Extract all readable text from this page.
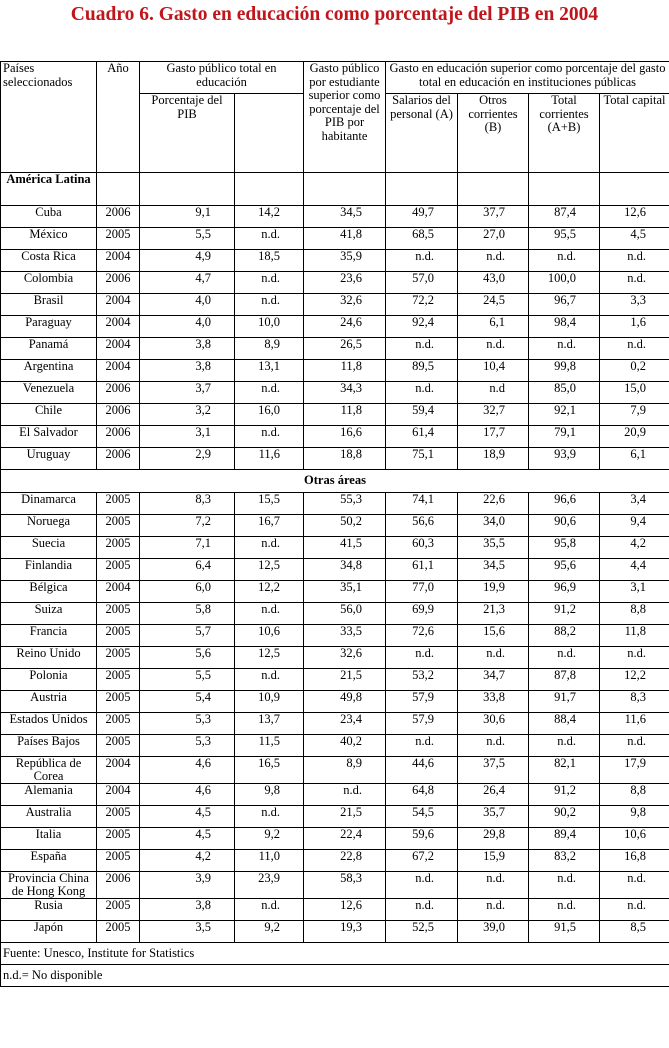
Cuadro 6. Gasto en educación como porcentaje del PIB en 2004
Países seleccionados	Año	Gasto público total en educación		Gasto público por estudiante superior como porcentaje del PIB por habitante	Gasto en educación superior como porcentaje del gasto total en educación en instituciones públicas			
		Porcentaje del PIB			Salarios del personal (A)	Otros corrientes (B)	Total corrientes (A+B)	Total capital
América Latina								
Cuba	2006	9,1	14,2	34,5	49,7	37,7	87,4	12,6
México	2005	5,5	n.d.	41,8	68,5	27,0	95,5	4,5
Costa Rica	2004	4,9	18,5	35,9	n.d.	n.d.	n.d.	n.d.
Colombia	2006	4,7	n.d.	23,6	57,0	43,0	100,0	n.d.
Brasil	2004	4,0	n.d.	32,6	72,2	24,5	96,7	3,3
Paraguay	2004	4,0	10,0	24,6	92,4	6,1	98,4	1,6
Panamá	2004	3,8	8,9	26,5	n.d.	n.d.	n.d.	n.d.
Argentina	2004	3,8	13,1	11,8	89,5	10,4	99,8	0,2
Venezuela	2006	3,7	n.d.	34,3	n.d.	n.d	85,0	15,0
Chile	2006	3,2	16,0	11,8	59,4	32,7	92,1	7,9
El Salvador	2006	3,1	n.d.	16,6	61,4	17,7	79,1	20,9
Uruguay	2006	2,9	11,6	18,8	75,1	18,9	93,9	6,1
Otras áreas								
Dinamarca	2005	8,3	15,5	55,3	74,1	22,6	96,6	3,4
Noruega	2005	7,2	16,7	50,2	56,6	34,0	90,6	9,4
Suecia	2005	7,1	n.d.	41,5	60,3	35,5	95,8	4,2
Finlandia	2005	6,4	12,5	34,8	61,1	34,5	95,6	4,4
Bélgica	2004	6,0	12,2	35,1	77,0	19,9	96,9	3,1
Suiza	2005	5,8	n.d.	56,0	69,9	21,3	91,2	8,8
Francia	2005	5,7	10,6	33,5	72,6	15,6	88,2	11,8
Reino Unido	2005	5,6	12,5	32,6	n.d.	n.d.	n.d.	n.d.
Polonia	2005	5,5	n.d.	21,5	53,2	34,7	87,8	12,2
Austria	2005	5,4	10,9	49,8	57,9	33,8	91,7	8,3
Estados Unidos	2005	5,3	13,7	23,4	57,9	30,6	88,4	11,6
Países Bajos	2005	5,3	11,5	40,2	n.d.	n.d.	n.d.	n.d.
República de Corea	2004	4,6	16,5	8,9	44,6	37,5	82,1	17,9
Alemania	2004	4,6	9,8	n.d.	64,8	26,4	91,2	8,8
Australia	2005	4,5	n.d.	21,5	54,5	35,7	90,2	9,8
Italia	2005	4,5	9,2	22,4	59,6	29,8	89,4	10,6
España	2005	4,2	11,0	22,8	67,2	15,9	83,2	16,8
Provincia China de Hong Kong	2006	3,9	23,9	58,3	n.d.	n.d.	n.d.	n.d.
Rusia	2005	3,8	n.d.	12,6	n.d.	n.d.	n.d.	n.d.
Japón	2005	3,5	9,2	19,3	52,5	39,0	91,5	8,5
Fuente: Unesco, Institute for Statistics								
n.d.= No disponible								
